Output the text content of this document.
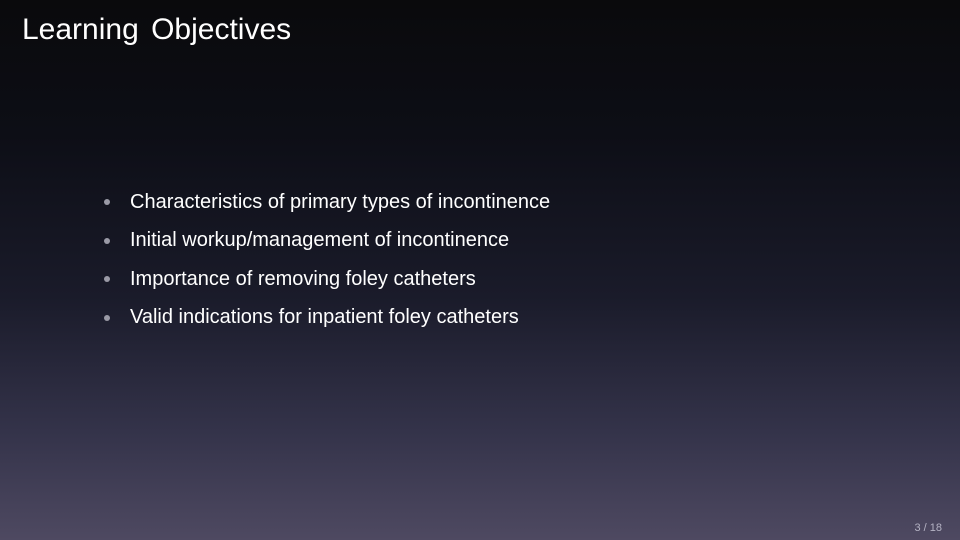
Learning Objectives
Characteristics of primary types of incontinence
Initial workup/management of incontinence
Importance of removing foley catheters
Valid indications for inpatient foley catheters
3 / 18
